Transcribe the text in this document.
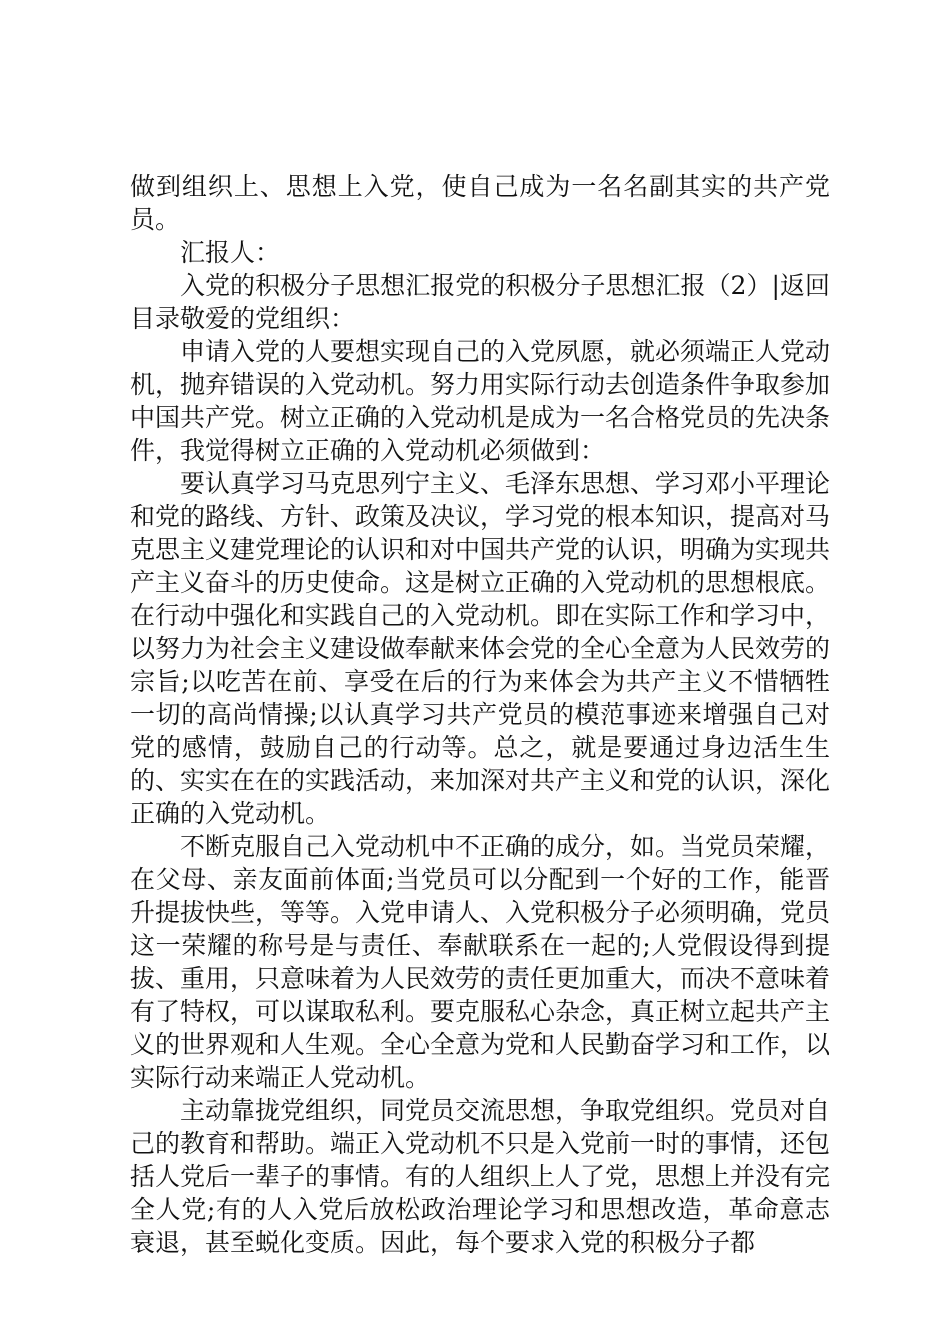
做到组织上、思想上入党，使自己成为一名名副其实的共产党员。

汇报人：

入党的积极分子思想汇报党的积极分子思想汇报（2）|返回目录敬爱的党组织：

申请入党的人要想实现自己的入党夙愿，就必须端正人党动机，抛弃错误的入党动机。努力用实际行动去创造条件争取参加中国共产党。树立正确的入党动机是成为一名合格党员的先决条件，我觉得树立正确的入党动机必须做到：

要认真学习马克思列宁主义、毛泽东思想、学习邓小平理论和党的路线、方针、政策及决议，学习党的根本知识，提高对马克思主义建党理论的认识和对中国共产党的认识，明确为实现共产主义奋斗的历史使命。这是树立正确的入党动机的思想根底。在行动中强化和实践自己的入党动机。即在实际工作和学习中，以努力为社会主义建设做奉献来体会党的全心全意为人民效劳的宗旨;以吃苦在前、享受在后的行为来体会为共产主义不惜牺牲一切的高尚情操;以认真学习共产党员的模范事迹来增强自己对党的感情，鼓励自己的行动等。总之，就是要通过身边活生生的、实实在在的实践活动，来加深对共产主义和党的认识，深化正确的入党动机。

不断克服自己入党动机中不正确的成分，如。当党员荣耀，在父母、亲友面前体面;当党员可以分配到一个好的工作，能晋升提拔快些，等等。入党申请人、入党积极分子必须明确，党员这一荣耀的称号是与责任、奉献联系在一起的;人党假设得到提拔、重用，只意味着为人民效劳的责任更加重大，而决不意味着有了特权，可以谋取私利。要克服私心杂念，真正树立起共产主义的世界观和人生观。全心全意为党和人民勤奋学习和工作，以实际行动来端正人党动机。

主动靠拢党组织，同党员交流思想，争取党组织。党员对自己的教育和帮助。端正入党动机不只是入党前一时的事情，还包括人党后一辈子的事情。有的人组织上人了党，思想上并没有完全人党;有的人入党后放松政治理论学习和思想改造，革命意志衰退，甚至蜕化变质。因此，每个要求入党的积极分子都
